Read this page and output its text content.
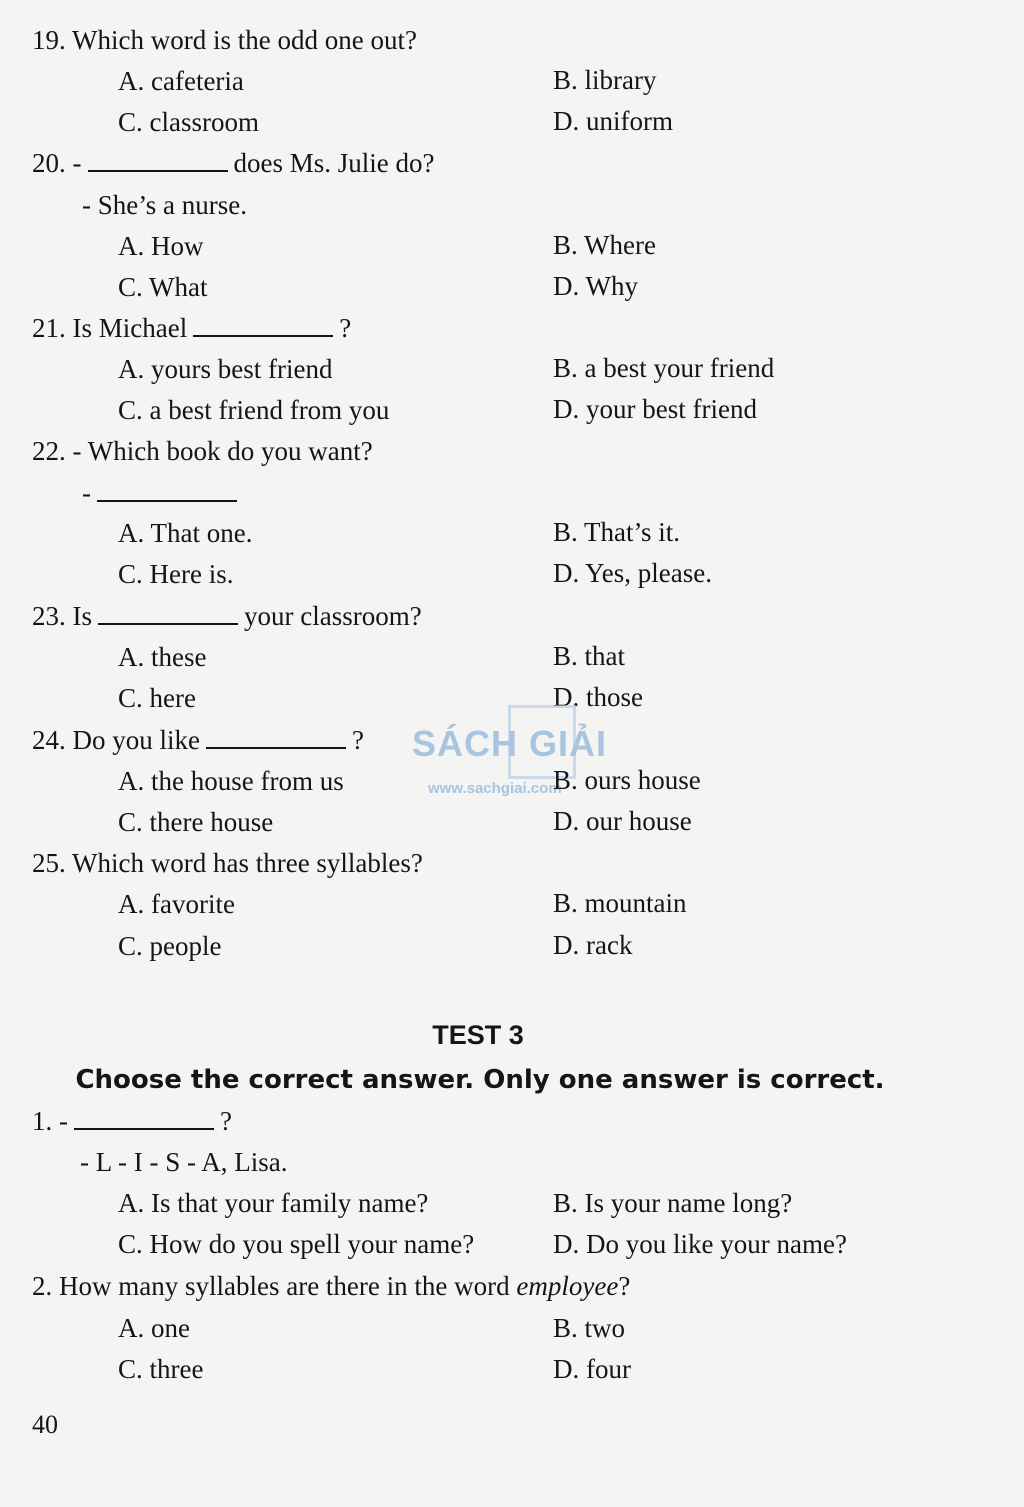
19. Which word is the odd one out?
A. cafeteria	B. library
C. classroom	D. uniform
20. -	does Ms. Julie do?
- She’s a nurse.
A. How	B. Where
C. What	D. Why
21. Is Michael	?
A. yours best friend	B. a best your friend
C. a best friend from you	D. your best friend
22. - Which book do you want?
-
A. That one.	B. That’s it.
C. Here is.	D. Yes, please.
23. Is	your classroom?
A. these	B. that
C. here	D. those
SÁCH GIẢI
www.sachgiai.com
24. Do you like	?
A. the house from us	B. ours house
C. there house	D. our house
25. Which word has three syllables?
A. favorite	B. mountain
C. people	D. rack
TEST 3
Choose the correct answer. Only one answer is correct.
1. -	?
- L - I - S - A, Lisa.
A. Is that your family name?	B. Is your name long?
C. How do you spell your name?	D. Do you like your name?
2. How many syllables are there in the word employee?
A. one	B. two
C. three	D. four
40
